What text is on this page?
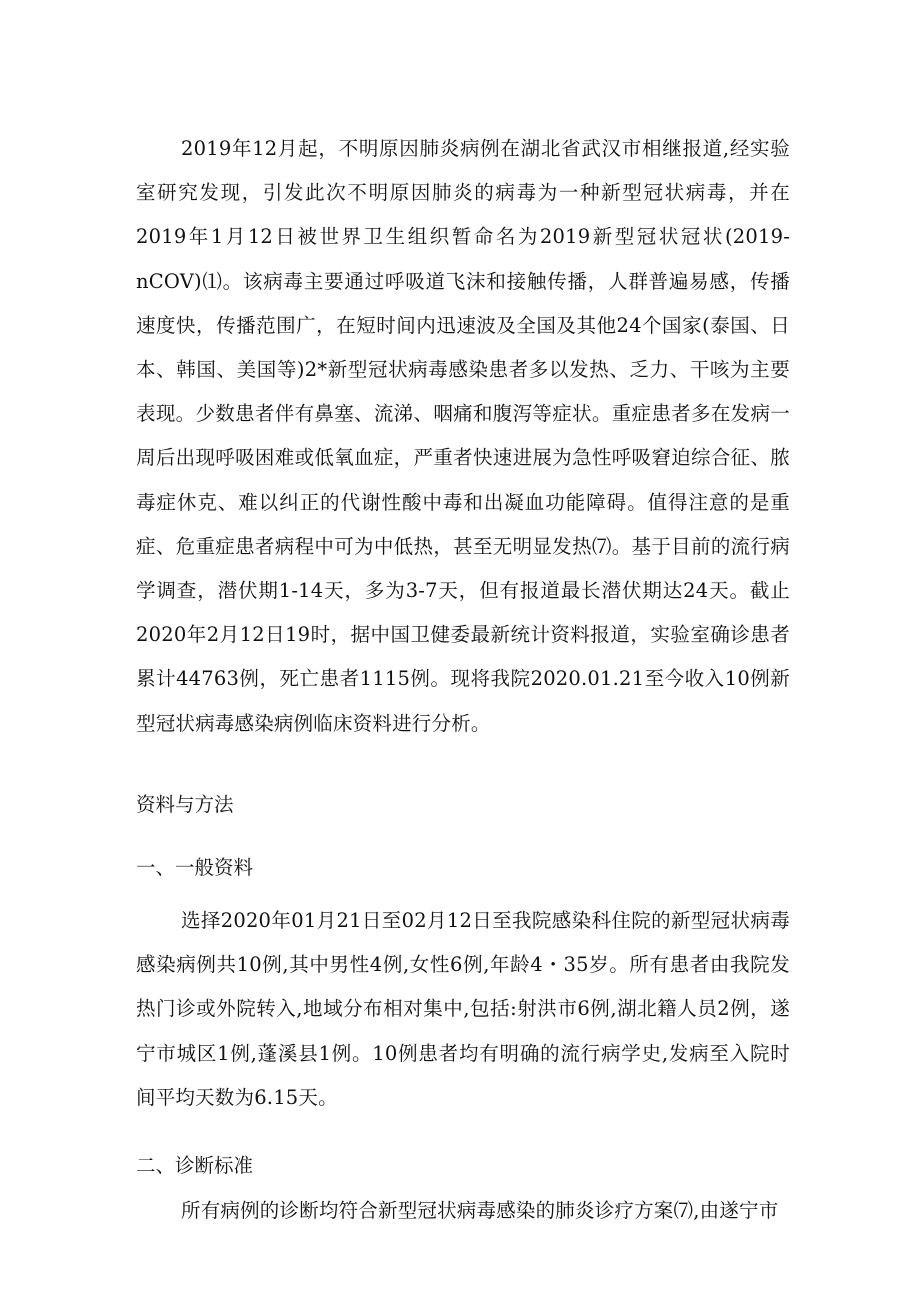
2019年12月起，不明原因肺炎病例在湖北省武汉市相继报道,经实验室研究发现，引发此次不明原因肺炎的病毒为一种新型冠状病毒，并在2019年1月12日被世界卫生组织暂命名为2019新型冠状冠状(2019-nCOV)⑴。该病毒主要通过呼吸道飞沫和接触传播，人群普遍易感，传播速度快，传播范围广，在短时间内迅速波及全国及其他24个国家(泰国、日本、韩国、美国等)2*新型冠状病毒感染患者多以发热、乏力、干咳为主要表现。少数患者伴有鼻塞、流涕、咽痛和腹泻等症状。重症患者多在发病一周后出现呼吸困难或低氧血症，严重者快速进展为急性呼吸窘迫综合征、脓毒症休克、难以纠正的代谢性酸中毒和出凝血功能障碍。值得注意的是重症、危重症患者病程中可为中低热，甚至无明显发热⑺。基于目前的流行病学调查，潜伏期1-14天，多为3-7天，但有报道最长潜伏期达24天。截止2020年2月12日19时，据中国卫健委最新统计资料报道，实验室确诊患者累计44763例，死亡患者1115例。现将我院2020.01.21至今收入10例新型冠状病毒感染病例临床资料进行分析。

资料与方法

一、一般资料

选择2020年01月21日至02月12日至我院感染科住院的新型冠状病毒感染病例共10例,其中男性4例,女性6例,年龄4・35岁。所有患者由我院发热门诊或外院转入,地域分布相对集中,包括:射洪市6例,湖北籍人员2例，遂宁市城区1例,蓬溪县1例。10例患者均有明确的流行病学史,发病至入院时间平均天数为6.15天。

二、诊断标准

所有病例的诊断均符合新型冠状病毒感染的肺炎诊疗方案⑺,由遂宁市
